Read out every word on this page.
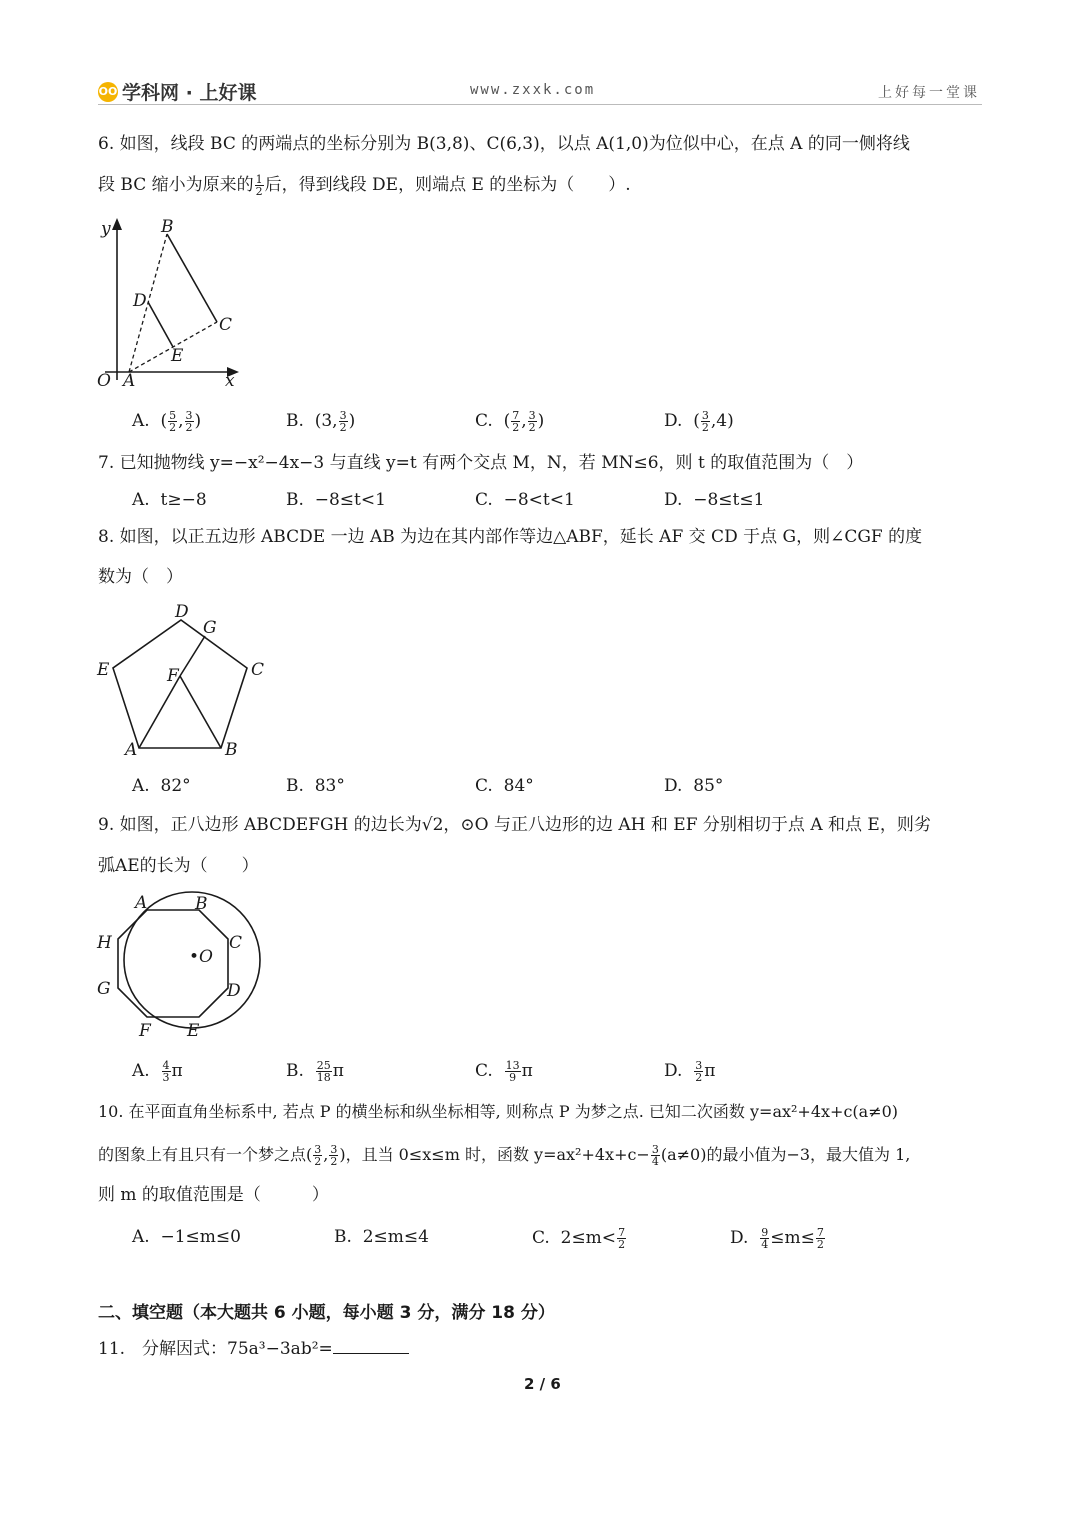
OO 学科网 · 上好课	www.zxxk.com	上好每一堂课
6. 如图，线段 BC 的两端点的坐标分别为 B(3,8)、C(6,3)，以点 A(1,0)为位似中心，在点 A 的同一侧将线
段 BC 缩小为原来的 $\frac{1}{2}$ 后，得到线段 DE，则端点 E 的坐标为（　　）.
y
x
O A
B
C
D
E
A.  ( $\frac{5}{2}$ , $\frac{3}{2}$ )	B.  (3, $\frac{3}{2}$ )	C.  ( $\frac{7}{2}$ , $\frac{3}{2}$ )	D.  ( $\frac{3}{2} ,4$)
7. 已知抛物线 y=−x²−4x−3 与直线 y=t 有两个交点 M，N，若 MN≤6，则 t 的取值范围为（　）
A. t≥−8	B. −8≤t<1	C. −8<t<1	D. −8≤t≤1
8. 如图，以正五边形 ABCDE 一边 AB 为边在其内部作等边△ABF，延长 AF 交 CD 于点 G，则∠CGF 的度
数为（　）
A	B
C
D
E	F
G
A. 82°	B. 83°	C. 84°	D. 85°
9. 如图，正八边形 ABCDEFGH 的边长为√2，⊙O 与正八边形的边 AH 和 EF 分别相切于点 A 和点 E，则劣
弧AE的长为（　　）
A	B
C
D
E
F
G
H
•O
A. $\frac{4}{3}$ π	B. $\frac{25}{18}$ π	C. $\frac{13}{9}$ π	D. $\frac{3}{2}$ π
10. 在平面直角坐标系中, 若点 P 的横坐标和纵坐标相等, 则称点 P 为梦之点. 已知二次函数 y=ax²+4x+c(a≠0)
的图象上有且只有一个梦之点( $\frac{3}{2}$ , $\frac{3}{2}$ )，且当 0≤x≤m 时，函数 $y=ax^2+4x+c- \frac{3}{4} (a\ne 0)$的最小值为−3，最大值为 1,
则 m 的取值范围是（　　　）
A. −1≤m≤0	B. 2≤m≤4	C. $2\le m< \frac{7}{2}$	D. $\frac{9}{4} \le m\le \frac{7}{2}$
二、填空题（本大题共 6 小题，每小题 3 分，满分 18 分）
11.　分解因式：75a³−3ab²=
2 / 6
